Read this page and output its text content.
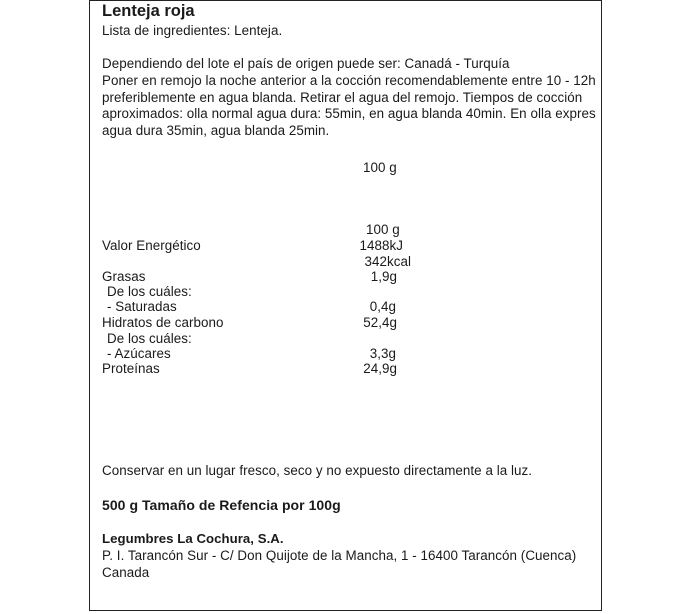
Lenteja roja
Lista de ingredientes: Lenteja.
Dependiendo del lote el país de origen puede ser: Canadá - Turquía
Poner en remojo la noche anterior a la cocción recomendablemente entre 10 - 12h
preferiblemente en agua blanda. Retirar el agua del remojo. Tiempos de cocción
aproximados: olla normal agua dura: 55min, en agua blanda 40min. En olla expres
agua dura 35min, agua blanda 25min.
100 g
100 g
Valor Energético	1488kJ
342kcal
Grasas	1,9g
De los cuáles:
- Saturadas	0,4g
Hidratos de carbono	52,4g
De los cuáles:
- Azúcares	3,3g
Proteínas	24,9g
Conservar en un lugar fresco, seco y no expuesto directamente a la luz.
500 g Tamaño de Refencia por 100g
Legumbres La Cochura, S.A.
P. I. Tarancón Sur - C/ Don Quijote de la Mancha, 1 - 16400 Tarancón (Cuenca)
Canada
